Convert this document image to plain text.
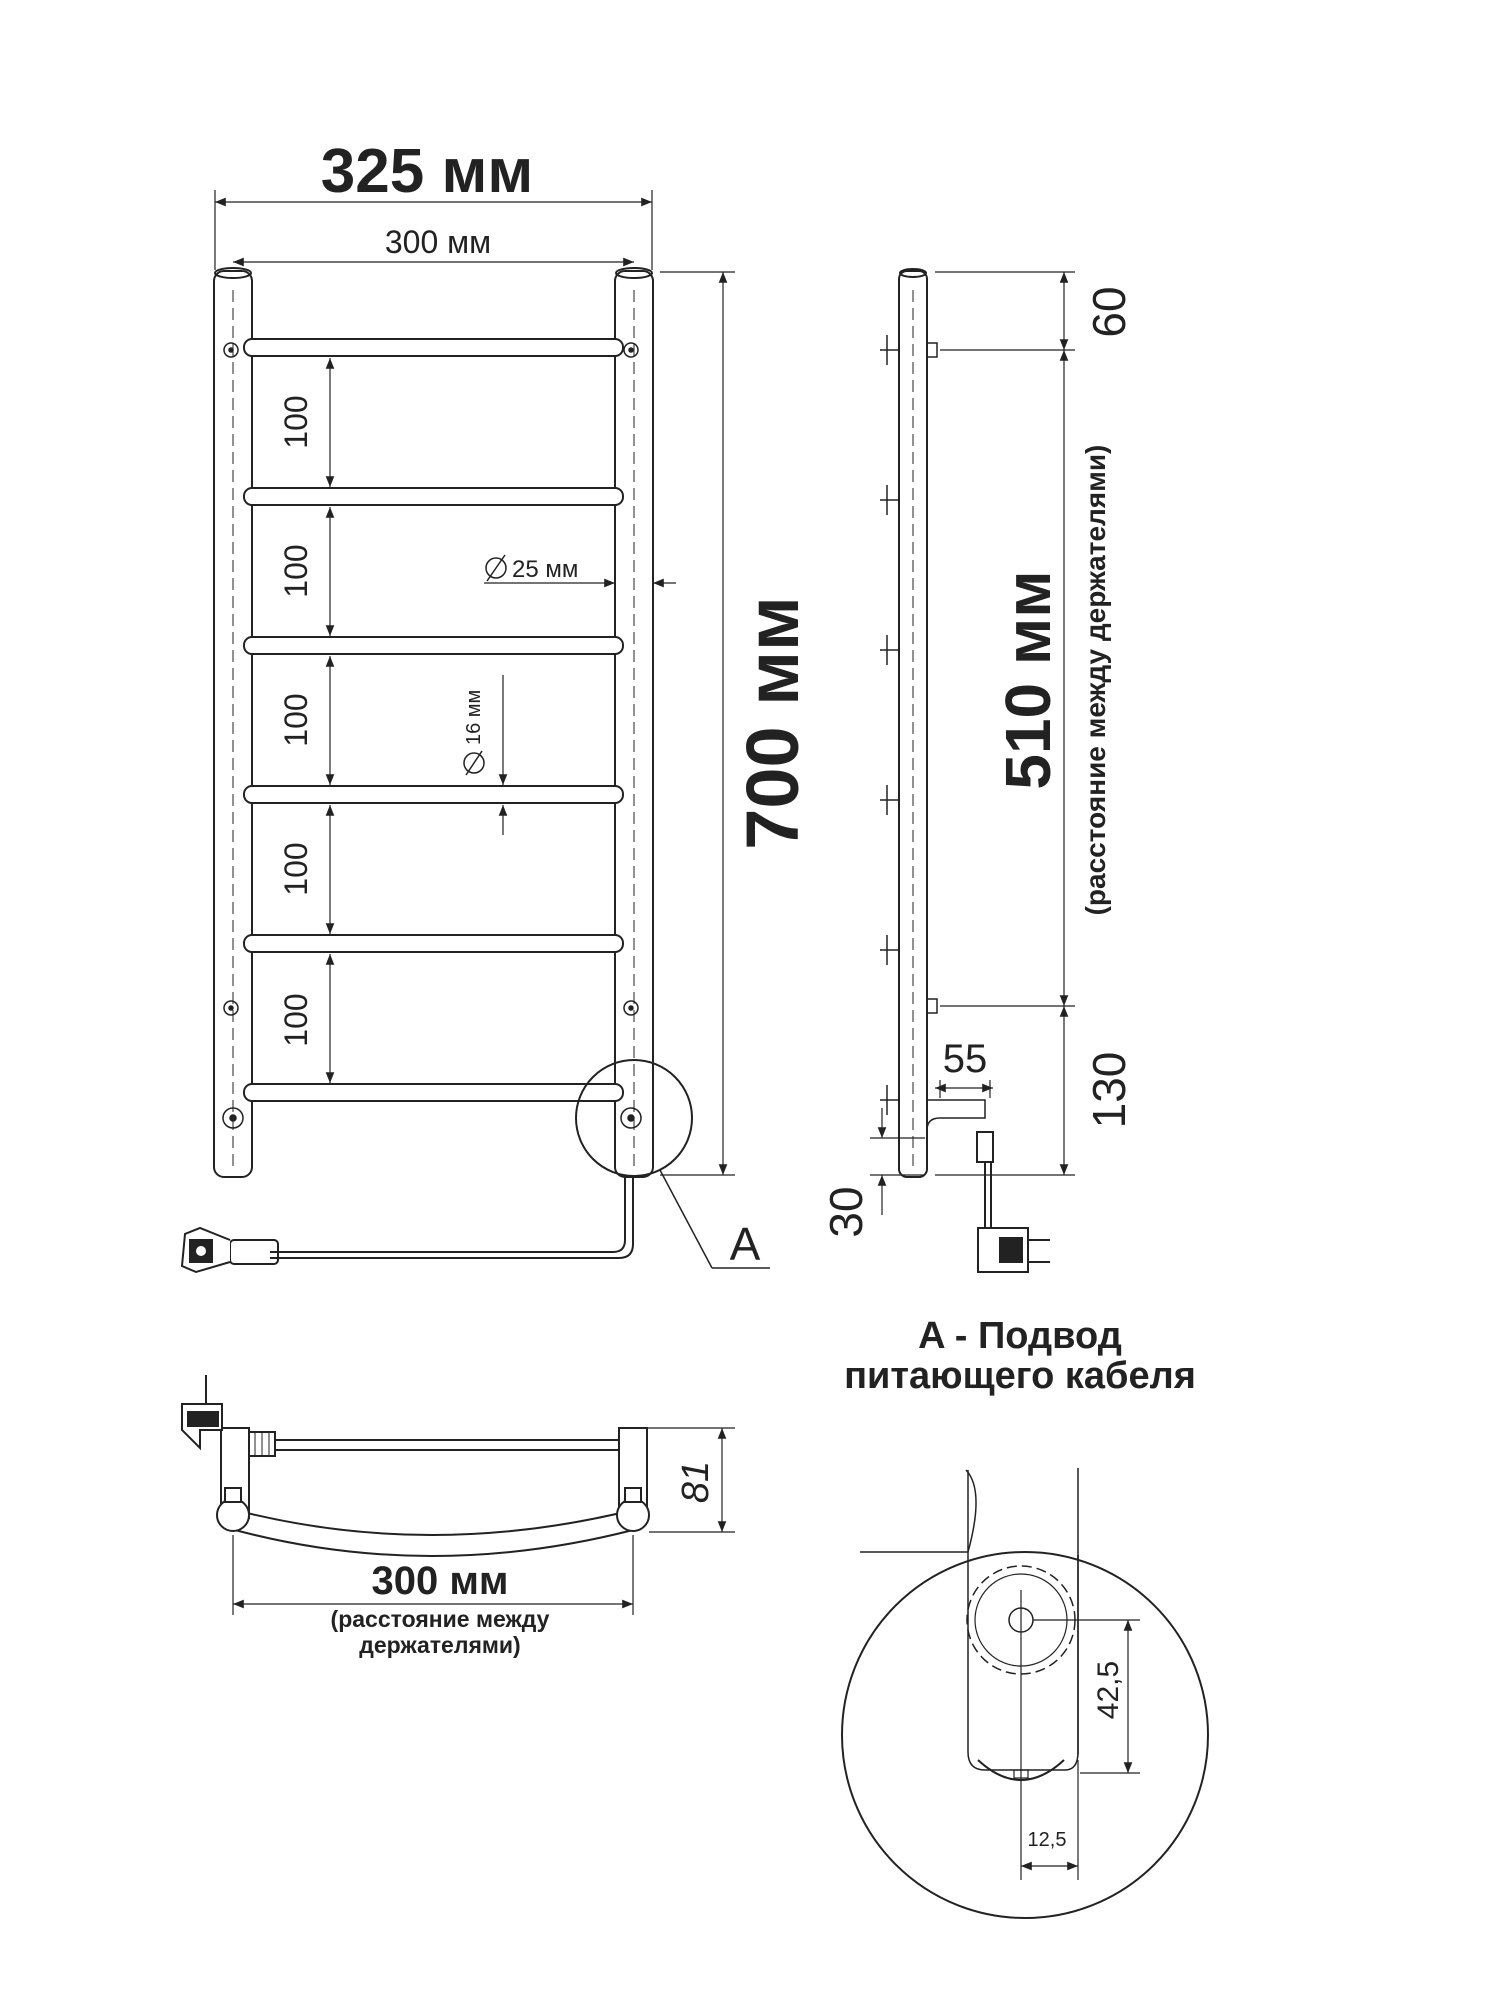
325 мм
300 мм
700 мм
100
100
100
100
100
25 мм
16 мм
A
60
510 мм (расстояние между держателями)
130
55
30
81
300 мм
(расстояние между
держателями)
A - Подвод
питающего кабеля
42,5
12,5
